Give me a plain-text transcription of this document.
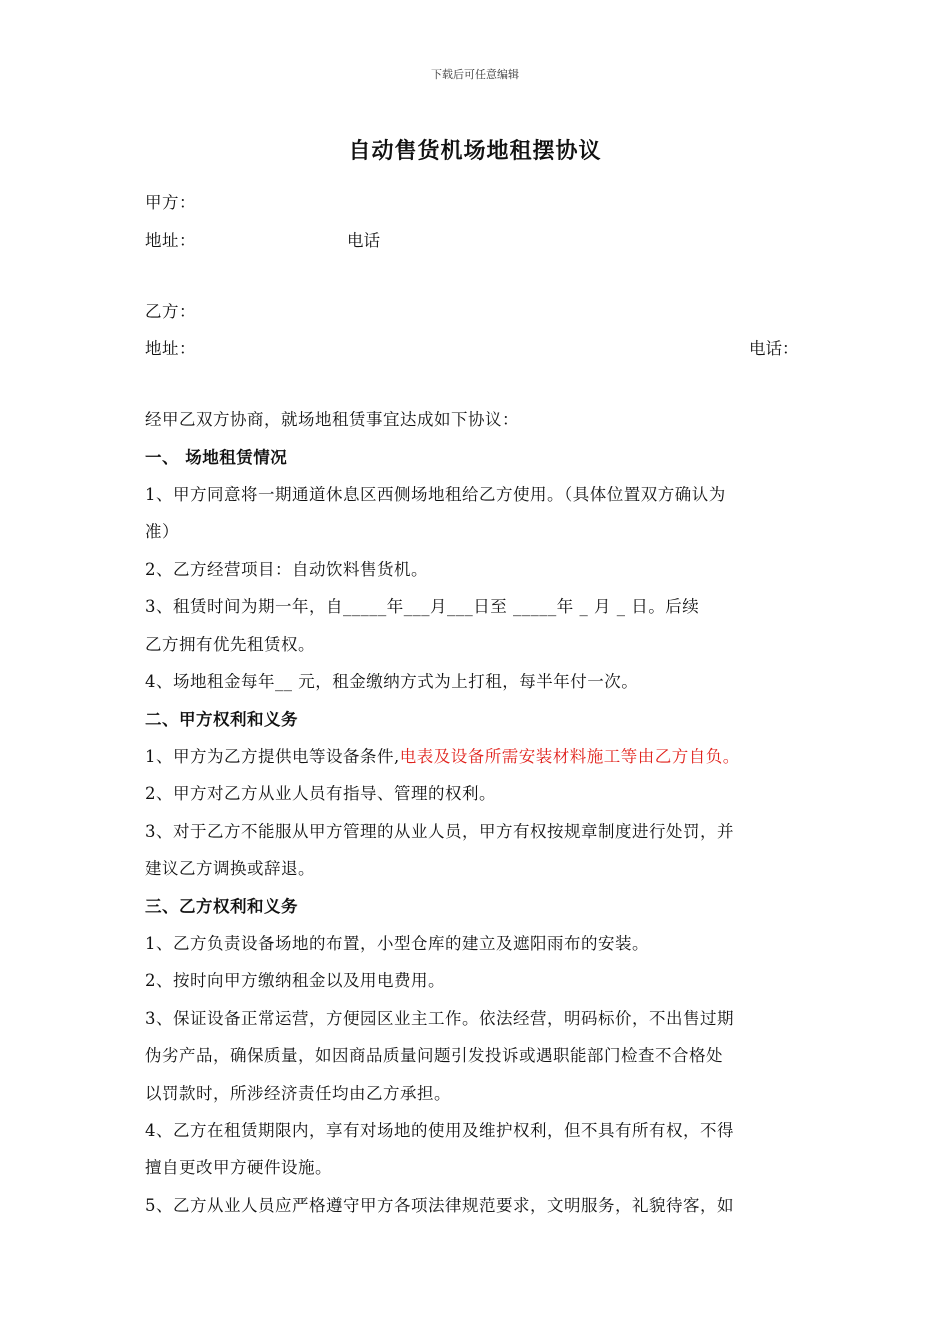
下载后可任意编辑
自动售货机场地租摆协议
甲方：
地址：	电话
乙方：
地址：	电话：
经甲乙双方协商，就场地租赁事宜达成如下协议：
一、 场地租赁情况
1、甲方同意将一期通道休息区西侧场地租给乙方使用。（具体位置双方确认为
准）
2、乙方经营项目：自动饮料售货机。
3、租赁时间为期一年，自_____年___月___日至 _____年 _ 月 _ 日。后续
乙方拥有优先租赁权。
4、场地租金每年__ 元，租金缴纳方式为上打租，每半年付一次。
二、甲方权利和义务
1、甲方为乙方提供电等设备条件,电表及设备所需安装材料施工等由乙方自负。
2、甲方对乙方从业人员有指导、管理的权利。
3、对于乙方不能服从甲方管理的从业人员，甲方有权按规章制度进行处罚，并
建议乙方调换或辞退。
三、乙方权利和义务
1、乙方负责设备场地的布置，小型仓库的建立及遮阳雨布的安装。
2、按时向甲方缴纳租金以及用电费用。
3、保证设备正常运营，方便园区业主工作。依法经营，明码标价，不出售过期
伪劣产品，确保质量，如因商品质量问题引发投诉或遇职能部门检查不合格处
以罚款时，所涉经济责任均由乙方承担。
4、乙方在租赁期限内，享有对场地的使用及维护权利，但不具有所有权，不得
擅自更改甲方硬件设施。
5、乙方从业人员应严格遵守甲方各项法律规范要求，文明服务，礼貌待客，如
